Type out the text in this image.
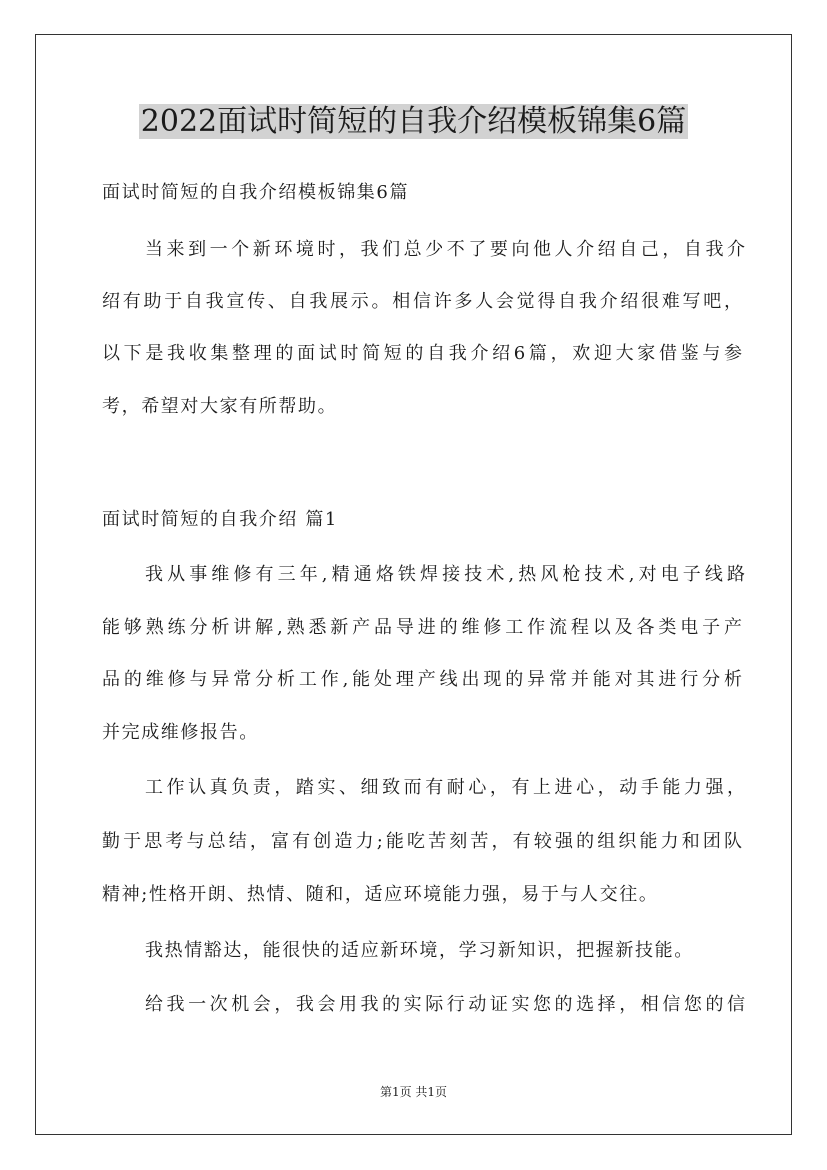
2022面试时简短的自我介绍模板锦集6篇

面试时简短的自我介绍模板锦集6篇

当来到一个新环境时，我们总少不了要向他人介绍自己，自我介

绍有助于自我宣传、自我展示。相信许多人会觉得自我介绍很难写吧，

以下是我收集整理的面试时简短的自我介绍6篇，欢迎大家借鉴与参

考，希望对大家有所帮助。

面试时简短的自我介绍 篇1

我从事维修有三年,精通烙铁焊接技术,热风枪技术,对电子线路

能够熟练分析讲解,熟悉新产品导进的维修工作流程以及各类电子产

品的维修与异常分析工作,能处理产线出现的异常并能对其进行分析

并完成维修报告。

工作认真负责，踏实、细致而有耐心，有上进心，动手能力强，

勤于思考与总结，富有创造力;能吃苦刻苦，有较强的组织能力和团队

精神;性格开朗、热情、随和，适应环境能力强，易于与人交往。

我热情豁达，能很快的适应新环境，学习新知识，把握新技能。

给我一次机会，我会用我的实际行动证实您的选择，相信您的信

第1页 共1页
